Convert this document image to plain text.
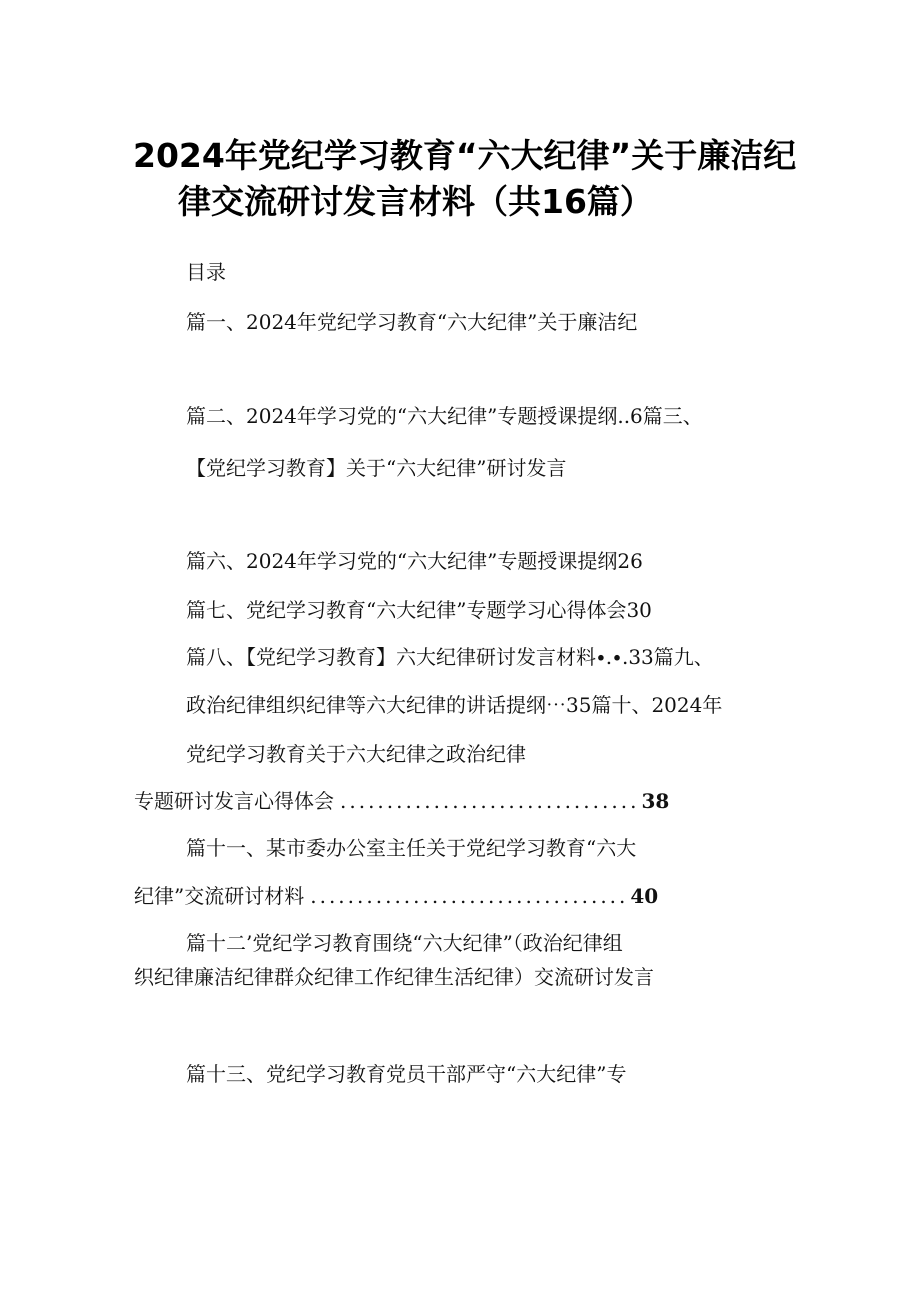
2024年党纪学习教育“六大纪律”关于廉洁纪
律交流研讨发言材料（共16篇）
目录
篇一、2024年党纪学习教育“六大纪律”关于廉洁纪
篇二、2024年学习党的“六大纪律”专题授课提纲..6篇三、
【党纪学习教育】关于“六大纪律”研讨发言
篇六、2024年学习党的“六大纪律”专题授课提纲26
篇七、党纪学习教育“六大纪律”专题学习心得体会30
篇八、【党纪学习教育】六大纪律研讨发言材料∙.∙.33篇九、
政治纪律组织纪律等六大纪律的讲话提纲⋯35篇十、2024年
党纪学习教育关于六大纪律之政治纪律
专题研讨发言心得体会 ................................ 38
篇十一、某市委办公室主任关于党纪学习教育“六大
纪律”交流研讨材料 .................................. 40
篇十二’党纪学习教育围绕“六大纪律”（政治纪律组
织纪律廉洁纪律群众纪律工作纪律生活纪律）交流研讨发言
篇十三、党纪学习教育党员干部严守“六大纪律”专
